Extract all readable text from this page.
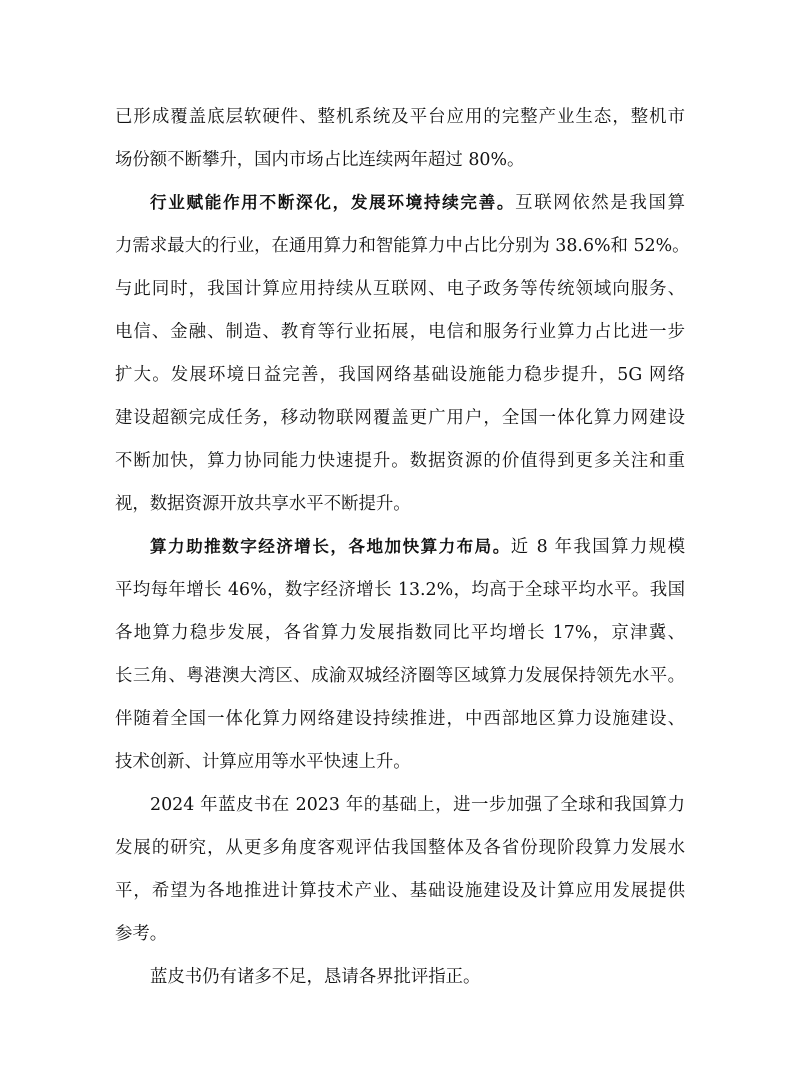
已形成覆盖底层软硬件、整机系统及平台应用的完整产业生态，整机市
场份额不断攀升，国内市场占比连续两年超过 80%。
行业赋能作用不断深化，发展环境持续完善。互联网依然是我国算
力需求最大的行业，在通用算力和智能算力中占比分别为 38.6%和 52%。
与此同时，我国计算应用持续从互联网、电子政务等传统领域向服务、
电信、金融、制造、教育等行业拓展，电信和服务行业算力占比进一步
扩大。发展环境日益完善，我国网络基础设施能力稳步提升，5G 网络
建设超额完成任务，移动物联网覆盖更广用户，全国一体化算力网建设
不断加快，算力协同能力快速提升。数据资源的价值得到更多关注和重
视，数据资源开放共享水平不断提升。
算力助推数字经济增长，各地加快算力布局。近 8 年我国算力规模
平均每年增长 46%，数字经济增长 13.2%，均高于全球平均水平。我国
各地算力稳步发展，各省算力发展指数同比平均增长 17%，京津冀、
长三角、粤港澳大湾区、成渝双城经济圈等区域算力发展保持领先水平。
伴随着全国一体化算力网络建设持续推进，中西部地区算力设施建设、
技术创新、计算应用等水平快速上升。
2024 年蓝皮书在 2023 年的基础上，进一步加强了全球和我国算力
发展的研究，从更多角度客观评估我国整体及各省份现阶段算力发展水
平，希望为各地推进计算技术产业、基础设施建设及计算应用发展提供
参考。
蓝皮书仍有诸多不足，恳请各界批评指正。
